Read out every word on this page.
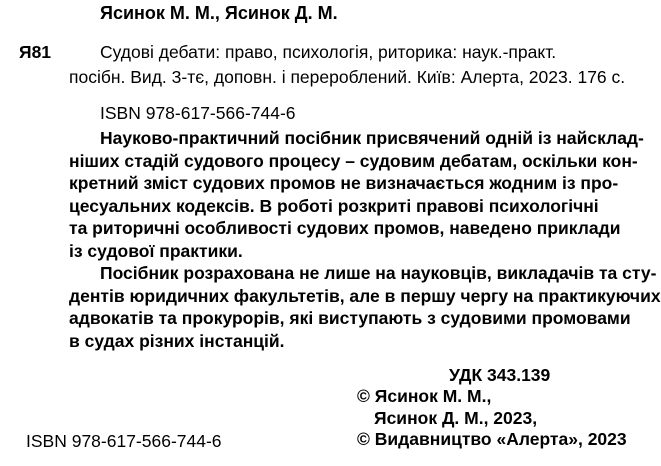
Ясинок М. М., Ясинок Д. М.
Я81	Судові дебати: право, психологія, риторика: наук.-практ.
посібн. Вид. 3-тє, доповн. і перероблений. Київ: Алерта, 2023. 176 с.
ISBN 978-617-566-744-6
Науково-практичний посібник присвячений одній із найсклад-
ніших стадій судового процесу – судовим дебатам, оскільки кон-
кретний зміст судових промов не визначається жодним із про-
цесуальних кодексів. В роботі розкриті правові психологічні
та риторичні особливості судових промов, наведено приклади
із судової практики.
Посібник розрахована не лише на науковців, викладачів та сту-
дентів юридичних факультетів, але в першу чергу на практикуючих
адвокатів та прокурорів, які виступають з судовими промовами
в судах різних інстанцій.
УДК 343.139
© Ясинок М. М.,
Ясинок Д. М., 2023,
© Видавництво «Алерта», 2023
ISBN 978-617-566-744-6
